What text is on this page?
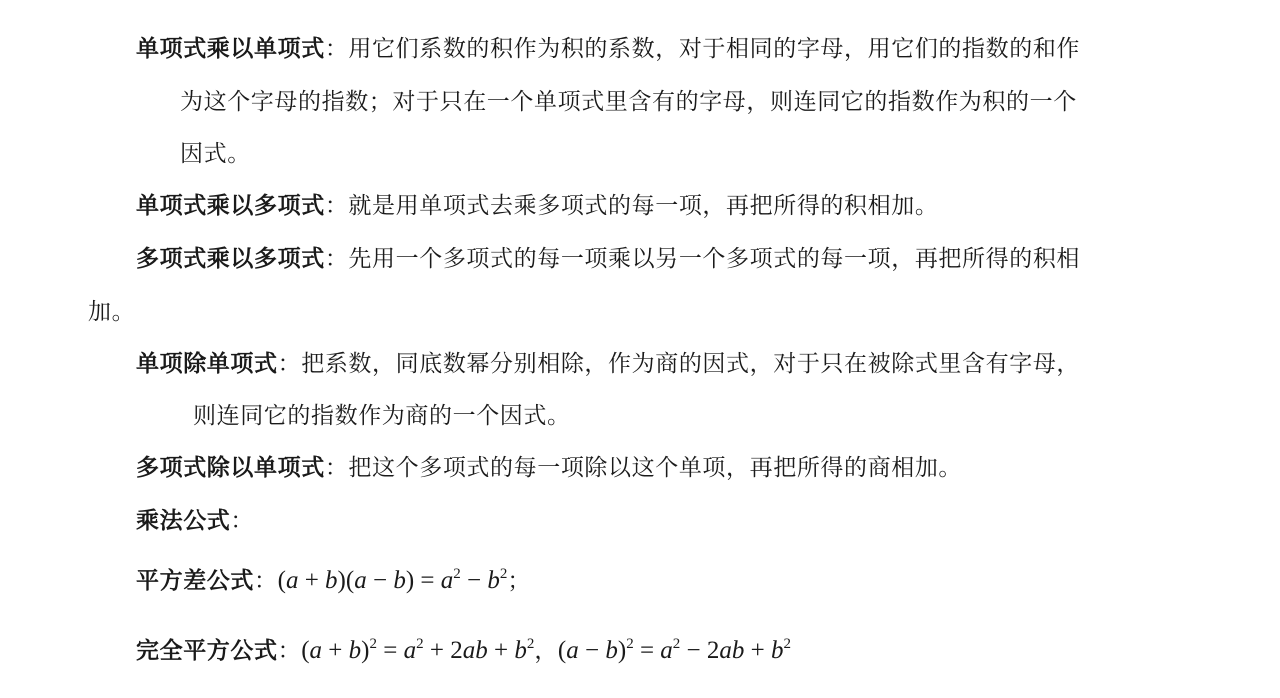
单项式乘以单项式：用它们系数的积作为积的系数，对于相同的字母，用它们的指数的和作
为这个字母的指数；对于只在一个单项式里含有的字母，则连同它的指数作为积的一个
因式。
单项式乘以多项式：就是用单项式去乘多项式的每一项，再把所得的积相加。
多项式乘以多项式：先用一个多项式的每一项乘以另一个多项式的每一项，再把所得的积相
加。
单项除单项式：把系数，同底数幂分别相除，作为商的因式，对于只在被除式里含有字母，
则连同它的指数作为商的一个因式。
多项式除以单项式：把这个多项式的每一项除以这个单项，再把所得的商相加。
乘法公式：
平方差公式：$(a + b)(a - b) = a^2 - b^2$；
完全平方公式：$(a + b)^2 = a^2 + 2ab + b^2$，$(a - b)^2 = a^2 - 2ab + b^2$
